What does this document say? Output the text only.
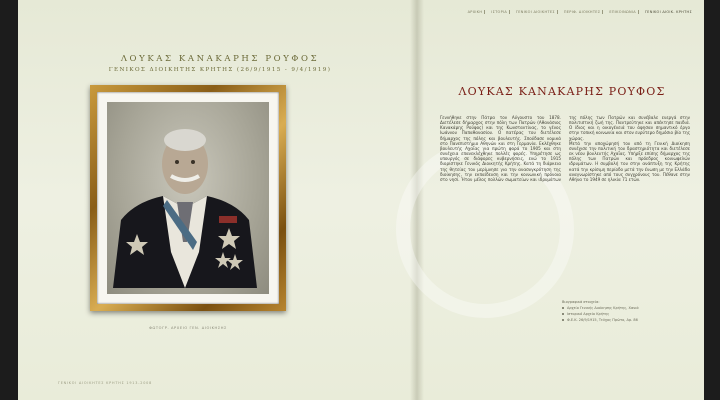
ΑΡΧΙΚΗ	ΙΣΤΟΡΙΑ	ΓΕΝΙΚΟΙ ΔΙΟΙΚΗΤΕΣ	ΠΕΡΙΦ. ΔΙΟΙΚΗΤΕΣ	ΕΠΙΚΟΙΝΩΝΙΑ	ΓΕΝΙΚΟΙ ΔΙΟΙΚ. ΚΡΗΤΗΣ
ΛΟΥΚΑΣ ΚΑΝΑΚΑΡΗΣ ΡΟΥΦΟΣ
ΓΕΝΙΚΟΣ ΔΙΟΙΚΗΤΗΣ ΚΡΗΤΗΣ (26/9/1915 - 9/4/1919)
ΦΩΤΟΓΡ. ΑΡΧΕΙΟ ΓΕΝ. ΔΙΟΙΚΗΣΗΣ
ΓΕΝΙΚΟΙ ΔΙΟΙΚΗΤΕΣ ΚΡΗΤΗΣ 1913-2008
ΛΟΥΚΑΣ ΚΑΝΑΚΑΡΗΣ ΡΟΥΦΟΣ

Γεννήθηκε στην Πάτρα τον Αύγουστο του 1878. Διετέλεσε δήμαρχος στην πόλη των Πατρών (Αθανάσιος Κανακάρης Ρούφος) και της Κωνσταντίνας, το γένος Ιωάννου Παπαθανασίου. Ο πατέρας του διετέλεσε δήμαρχος της πόλης και βουλευτής. Σπούδασε νομικά στο Πανεπιστήμιο Αθηνών και στη Γερμανία. Εκλέχθηκε βουλευτής Αχαΐας για πρώτη φορά το 1905 και στη συνέχεια επανεκλέχθηκε πολλές φορές. Υπηρέτησε ως υπουργός σε διάφορες κυβερνήσεις, ενώ το 1915 διορίστηκε Γενικός Διοικητής Κρήτης. Κατά τη διάρκεια της θητείας του μερίμνησε για την ανασυγκρότηση της διοίκησης, την εκπαίδευση και την κοινωνική πρόνοια στο νησί. Ήταν μέλος πολλών σωματείων και ιδρυμάτων της πόλης των Πατρών και συνέβαλε ενεργά στην πολιτιστική ζωή της. Παντρεύτηκε και απέκτησε παιδιά. Ο ίδιος και η οικογένειά του άφησαν σημαντικό έργο στην τοπική κοινωνία και στον ευρύτερο δημόσιο βίο της χώρας.

Μετά την αποχώρησή του από τη Γενική Διοίκηση συνέχισε την πολιτική του δραστηριότητα και διετέλεσε εκ νέου βουλευτής Αχαΐας. Υπήρξε επίσης δήμαρχος της πόλης των Πατρών και πρόεδρος κοινωφελών ιδρυμάτων. Η συμβολή του στην ανάπτυξη της Κρήτης κατά την κρίσιμη περίοδο μετά την ένωση με την Ελλάδα αναγνωρίστηκε από τους συγχρόνους του. Πέθανε στην Αθήνα το 1949 σε ηλικία 71 ετών.

Βιογραφικά στοιχεία:
Αρχείο Γενικής Διοίκησης Κρήτης, Χανιά
Ιστορικό Αρχείο Κρήτης
Φ.Ε.Κ. 26/9/1915, Τεύχος Πρώτο, Αρ. 86
